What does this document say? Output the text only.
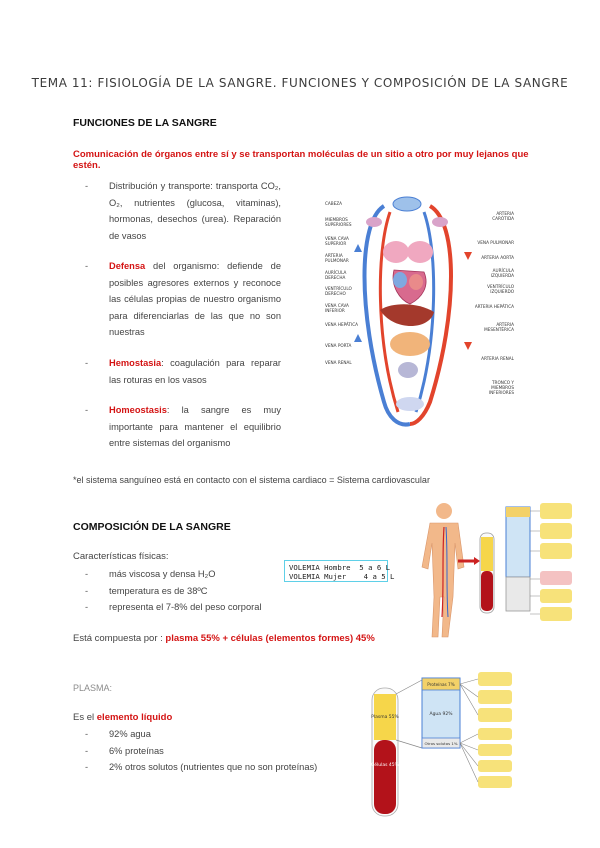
TEMA 11: FISIOLOGÍA DE LA SANGRE. FUNCIONES Y COMPOSICIÓN DE LA SANGRE
FUNCIONES DE LA SANGRE
Comunicación de órganos entre sí y se transportan moléculas de un sitio a otro por muy lejanos que estén.
- Distribución y transporte: transporta CO₂, O₂, nutrientes (glucosa, vitaminas), hormonas, desechos (urea). Reparación de vasos
- Defensa del organismo: defiende de posibles agresores externos y reconoce las células propias de nuestro organismo para diferenciarlas de las que no son nuestras
- Hemostasia: coagulación para reparar las roturas en los vasos
- Homeostasis: la sangre es muy importante para mantener el equilibrio entre sistemas del organismo
CABEZA
MIEMBROS SUPERIORES
VENA CAVA SUPERIOR
ARTERIA PULMONAR
AURÍCULA DERECHA
VENTRÍCULO DERECHO
VENA CAVA INFERIOR
VENA HEPÁTICA
VENA PORTA
VENA RENAL
ARTERIA CARÓTIDA
VENA PULMONAR
ARTERIA AORTA
AURÍCULA IZQUIERDA
VENTRÍCULO IZQUIERDO
ARTERIA HEPÁTICA
ARTERIA MESENTÉRICA
ARTERIA RENAL
TRONCO Y MIEMBROS INFERIORES
*el sistema sanguíneo está en contacto con el sistema cardiaco = Sistema cardiovascular
COMPOSICIÓN DE LA SANGRE
Características físicas:
- más viscosa y densa H₂O
- temperatura es de 38ºC
- representa el 7-8% del peso corporal
VOLEMIA Hombre  5 a 6 L
VOLEMIA Mujer    4 a 5 L
Está compuesta por : plasma 55% + células (elementos formes) 45%
PLASMA:
Es el elemento líquido
- 92% agua
- 6% proteínas
- 2% otros solutos (nutrientes que no son proteínas)
Plasma 55%
Células 45%
Proteínas 7%
Agua 92%
Otros solutos 1%
